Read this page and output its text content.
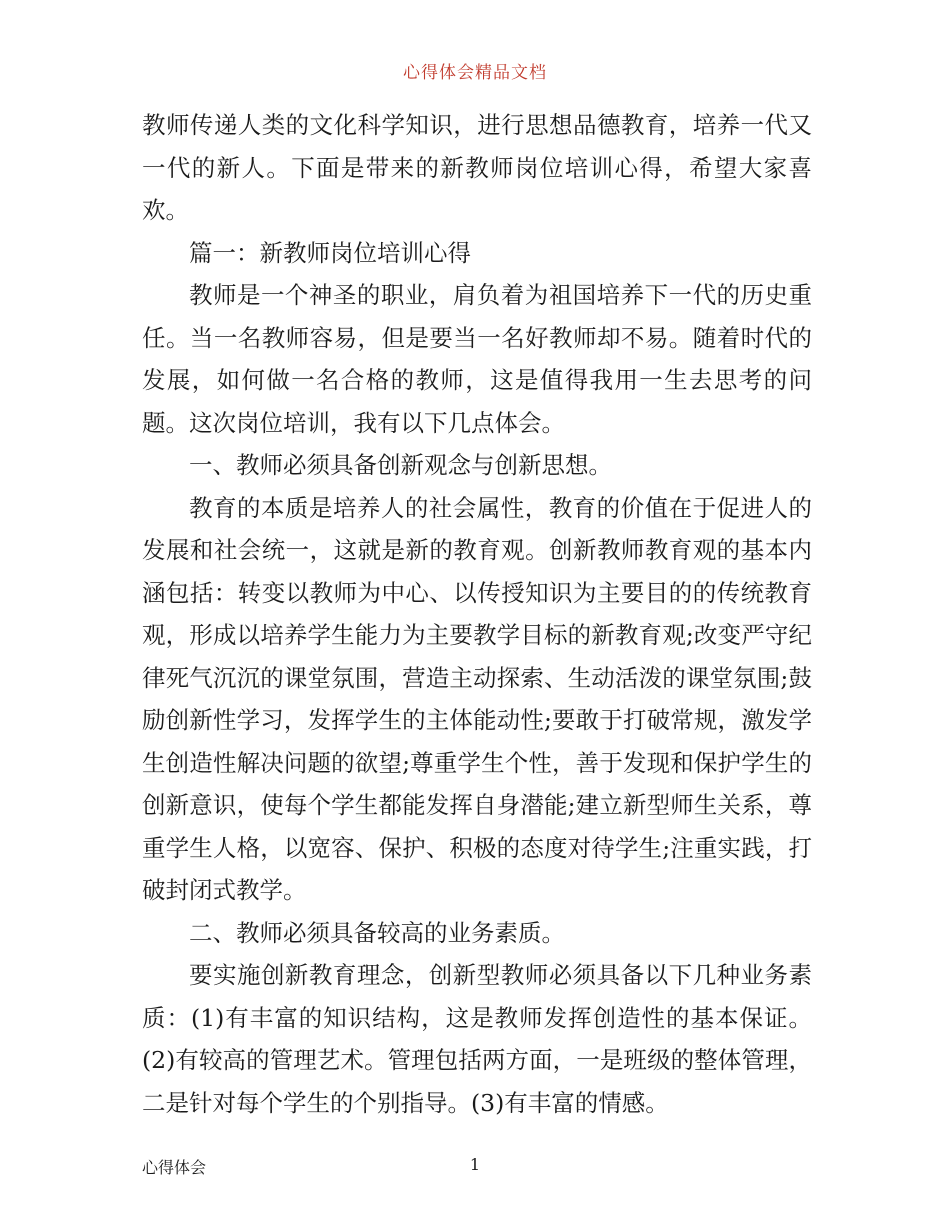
心得体会精品文档

教师传递人类的文化科学知识，进行思想品德教育，培养一代又一代的新人。下面是带来的新教师岗位培训心得，希望大家喜欢。

篇一：新教师岗位培训心得

教师是一个神圣的职业，肩负着为祖国培养下一代的历史重任。当一名教师容易，但是要当一名好教师却不易。随着时代的发展，如何做一名合格的教师，这是值得我用一生去思考的问题。这次岗位培训，我有以下几点体会。

一、教师必须具备创新观念与创新思想。

教育的本质是培养人的社会属性，教育的价值在于促进人的发展和社会统一，这就是新的教育观。创新教师教育观的基本内涵包括：转变以教师为中心、以传授知识为主要目的的传统教育观，形成以培养学生能力为主要教学目标的新教育观;改变严守纪律死气沉沉的课堂氛围，营造主动探索、生动活泼的课堂氛围;鼓励创新性学习，发挥学生的主体能动性;要敢于打破常规，激发学生创造性解决问题的欲望;尊重学生个性，善于发现和保护学生的创新意识，使每个学生都能发挥自身潜能;建立新型师生关系，尊重学生人格，以宽容、保护、积极的态度对待学生;注重实践，打破封闭式教学。

二、教师必须具备较高的业务素质。

要实施创新教育理念，创新型教师必须具备以下几种业务素质：(1)有丰富的知识结构，这是教师发挥创造性的基本保证。(2)有较高的管理艺术。管理包括两方面，一是班级的整体管理，二是针对每个学生的个别指导。(3)有丰富的情感。

心得体会	1
